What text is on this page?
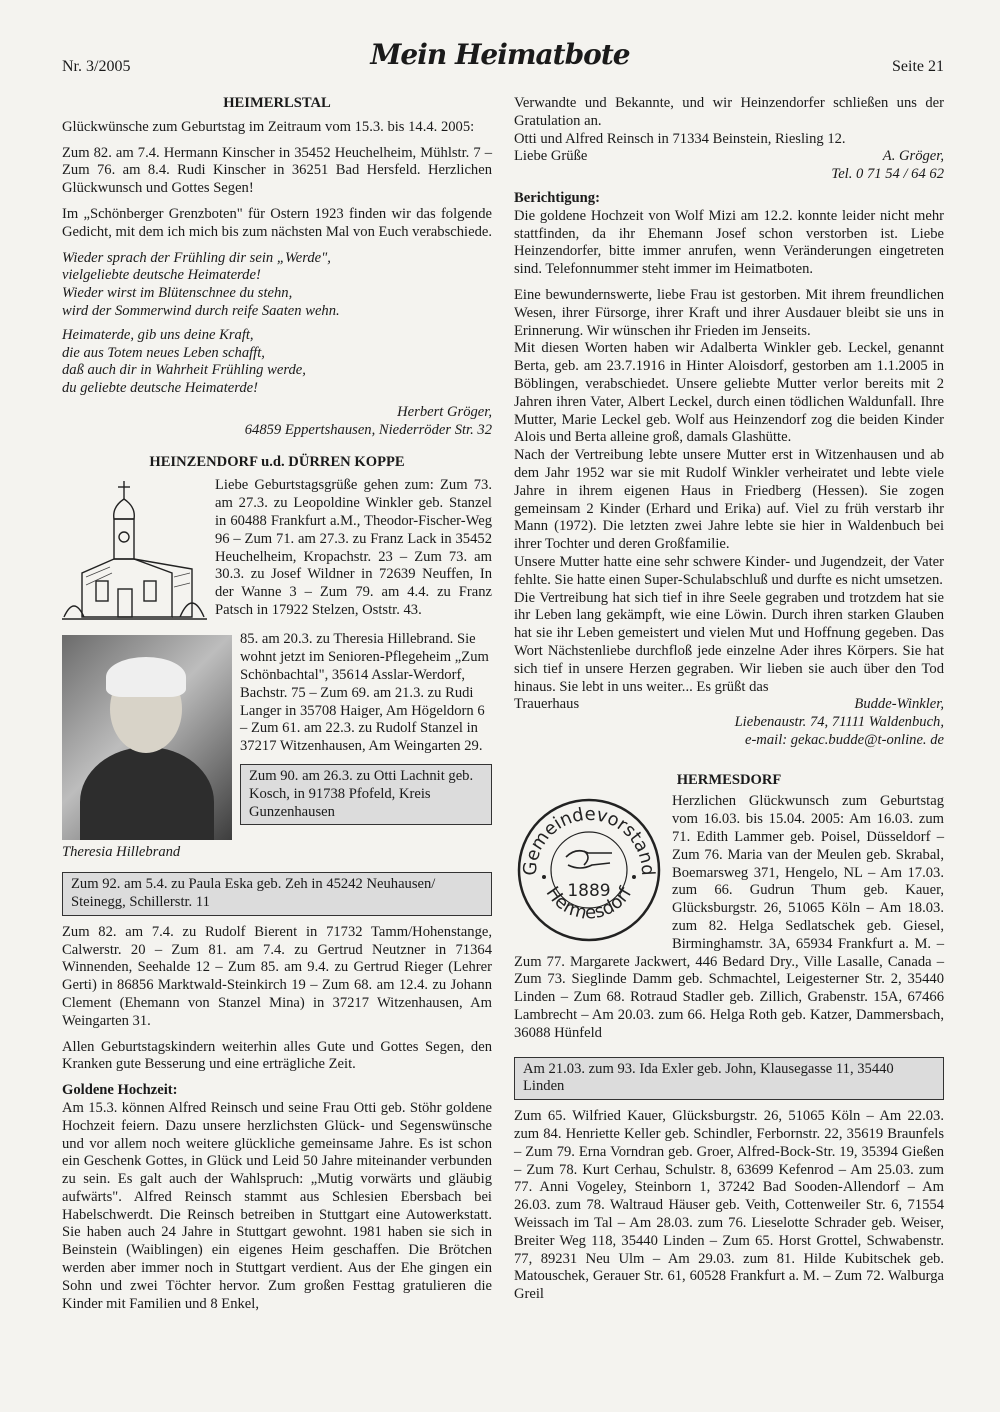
Nr. 3/2005	Mein Heimatbote	Seite 21
HEIMERLSTAL

Glückwünsche zum Geburtstag im Zeitraum vom 15.3. bis 14.4. 2005:

Zum 82. am 7.4. Hermann Kinscher in 35452 Heuchelheim, Mühlstr. 7 – Zum 76. am 8.4. Rudi Kinscher in 36251 Bad Hersfeld. Herzlichen Glückwunsch und Gottes Segen!

Im „Schönberger Grenzboten" für Ostern 1923 finden wir das folgende Gedicht, mit dem ich mich bis zum nächsten Mal von Euch verabschiede.

Wieder sprach der Frühling dir sein „Werde",
vielgeliebte deutsche Heimaterde!
Wieder wirst im Blütenschnee du stehn,
wird der Sommerwind durch reife Saaten wehn.
Heimaterde, gib uns deine Kraft,
die aus Totem neues Leben schafft,
daß auch dir in Wahrheit Frühling werde,
du geliebte deutsche Heimaterde!
Herbert Gröger,
64859 Eppertshausen, Niederröder Str. 32
HEINZENDORF u.d. DÜRREN KOPPE

Liebe Geburtstagsgrüße gehen zum: Zum 73. am 27.3. zu Leopoldine Winkler geb. Stanzel in 60488 Frankfurt a.M., Theodor-Fischer-Weg 96 – Zum 71. am 27.3. zu Franz Lack in 35452 Heuchelheim, Kropachstr. 23 – Zum 73. am 30.3. zu Josef Wildner in 72639 Neuffen, In der Wanne 3 – Zum 79. am 4.4. zu Franz Patsch in 17922 Stelzen, Oststr. 43.

Theresia Hillebrand

85. am 20.3. zu Theresia Hillebrand. Sie wohnt jetzt im Senioren-Pflegeheim „Zum Schönbachtal", 35614 Asslar-Werdorf, Bachstr. 75 – Zum 69. am 21.3. zu Rudi Langer in 35708 Haiger, Am Högeldorn 6 – Zum 61. am 22.3. zu Rudolf Stanzel in 37217 Witzenhausen, Am Weingarten 29.

Zum 90. am 26.3. zu Otti Lachnit geb. Kosch, in 91738 Pfofeld, Kreis Gunzenhausen
Zum 92. am 5.4. zu Paula Eska geb. Zeh in 45242 Neuhausen/ Steinegg, Schillerstr. 11

Zum 82. am 7.4. zu Rudolf Bierent in 71732 Tamm/Hohenstange, Calwerstr. 20 – Zum 81. am 7.4. zu Gertrud Neutzner in 71364 Winnenden, Seehalde 12 – Zum 85. am 9.4. zu Gertrud Rieger (Lehrer Gerti) in 86856 Marktwald-Steinkirch 19 – Zum 68. am 12.4. zu Johann Clement (Ehemann von Stanzel Mina) in 37217 Witzenhausen, Am Weingarten 31.

Allen Geburtstagskindern weiterhin alles Gute und Gottes Segen, den Kranken gute Besserung und eine erträgliche Zeit.

Goldene Hochzeit:

Am 15.3. können Alfred Reinsch und seine Frau Otti geb. Stöhr goldene Hochzeit feiern. Dazu unsere herzlichsten Glück- und Segenswünsche und vor allem noch weitere glückliche gemeinsame Jahre. Es ist schon ein Geschenk Gottes, in Glück und Leid 50 Jahre miteinander verbunden zu sein. Es galt auch der Wahlspruch: „Mutig vorwärts und gläubig aufwärts". Alfred Reinsch stammt aus Schlesien Ebersbach bei Habelschwerdt. Die Reinsch betreiben in Stuttgart eine Autowerkstatt. Sie haben auch 24 Jahre in Stuttgart gewohnt. 1981 haben sie sich in Beinstein (Waiblingen) ein eigenes Heim geschaffen. Die Brötchen werden aber immer noch in Stuttgart verdient. Aus der Ehe gingen ein Sohn und zwei Töchter hervor. Zum großen Festtag gratulieren die Kinder mit Familien und 8 Enkel,

Verwandte und Bekannte, und wir Heinzendorfer schließen uns der Gratulation an.

Otti und Alfred Reinsch in 71334 Beinstein, Riesling 12.
Liebe Grüße	A. Gröger,
Tel. 0 71 54 / 64 62
Berichtigung:

Die goldene Hochzeit von Wolf Mizi am 12.2. konnte leider nicht mehr stattfinden, da ihr Ehemann Josef schon verstorben ist. Liebe Heinzendorfer, bitte immer anrufen, wenn Veränderungen eingetreten sind. Telefonnummer steht immer im Heimatboten.

Eine bewundernswerte, liebe Frau ist gestorben. Mit ihrem freundlichen Wesen, ihrer Fürsorge, ihrer Kraft und ihrer Ausdauer bleibt sie uns in Erinnerung. Wir wünschen ihr Frieden im Jenseits.

Mit diesen Worten haben wir Adalberta Winkler geb. Leckel, genannt Berta, geb. am 23.7.1916 in Hinter Aloisdorf, gestorben am 1.1.2005 in Böblingen, verabschiedet. Unsere geliebte Mutter verlor bereits mit 2 Jahren ihren Vater, Albert Leckel, durch einen tödlichen Waldunfall. Ihre Mutter, Marie Leckel geb. Wolf aus Heinzendorf zog die beiden Kinder Alois und Berta alleine groß, damals Glashütte.

Nach der Vertreibung lebte unsere Mutter erst in Witzenhausen und ab dem Jahr 1952 war sie mit Rudolf Winkler verheiratet und lebte viele Jahre in ihrem eigenen Haus in Friedberg (Hessen). Sie zogen gemeinsam 2 Kinder (Erhard und Erika) auf. Viel zu früh verstarb ihr Mann (1972). Die letzten zwei Jahre lebte sie hier in Waldenbuch bei ihrer Tochter und deren Großfamilie.

Unsere Mutter hatte eine sehr schwere Kinder- und Jugendzeit, der Vater fehlte. Sie hatte einen Super-Schulabschluß und durfte es nicht umsetzen.

Die Vertreibung hat sich tief in ihre Seele gegraben und trotzdem hat sie ihr Leben lang gekämpft, wie eine Löwin. Durch ihren starken Glauben hat sie ihr Leben gemeistert und vielen Mut und Hoffnung gegeben. Das Wort Nächstenliebe durchfloß jede einzelne Ader ihres Körpers. Sie hat sich tief in unsere Herzen gegraben. Wir lieben sie auch über den Tod hinaus. Sie lebt in uns weiter... Es grüßt das

Trauerhaus	Budde-Winkler,
Liebenaustr. 74, 71111 Waldenbuch,
e-mail: gekac.budde@t-online. de
HERMESDORF
Gemeindevorstand
Hermesdorf
1889

Herzlichen Glückwunsch zum Geburtstag vom 16.03. bis 15.04. 2005: Am 16.03. zum 71. Edith Lammer geb. Poisel, Düsseldorf – Zum 76. Maria van der Meulen geb. Skrabal, Boemarsweg 371, Hengelo, NL – Am 17.03. zum 66. Gudrun Thum geb. Kauer, Glücksburgstr. 26, 51065 Köln – Am 18.03. zum 82. Helga Sedlatschek geb. Giesel, Birminghamstr. 3A, 65934 Frankfurt a. M. – Zum 77. Margarete Jackwert, 446 Bedard Dry., Ville Lasalle, Canada – Zum 73. Sieglinde Damm geb. Schmachtel, Leigesterner Str. 2, 35440 Linden – Zum 68. Rotraud Stadler geb. Zillich, Grabenstr. 15A, 67466 Lambrecht – Am 20.03. zum 66. Helga Roth geb. Katzer, Dammersbach, 36088 Hünfeld

Am 21.03. zum 93. Ida Exler geb. John, Klausegasse 11, 35440 Linden

Zum 65. Wilfried Kauer, Glücksburgstr. 26, 51065 Köln – Am 22.03. zum 84. Henriette Keller geb. Schindler, Ferbornstr. 22, 35619 Braunfels – Zum 79. Erna Vorndran geb. Groer, Alfred-Bock-Str. 19, 35394 Gießen – Zum 78. Kurt Cerhau, Schulstr. 8, 63699 Kefenrod – Am 25.03. zum 77. Anni Vogeley, Steinborn 1, 37242 Bad Sooden-Allendorf – Am 26.03. zum 78. Waltraud Häuser geb. Veith, Cottenweiler Str. 6, 71554 Weissach im Tal – Am 28.03. zum 76. Lieselotte Schrader geb. Weiser, Breiter Weg 118, 35440 Linden – Zum 65. Horst Grottel, Schwabenstr. 77, 89231 Neu Ulm – Am 29.03. zum 81. Hilde Kubitschek geb. Matouschek, Gerauer Str. 61, 60528 Frankfurt a. M. – Zum 72. Walburga Greil
